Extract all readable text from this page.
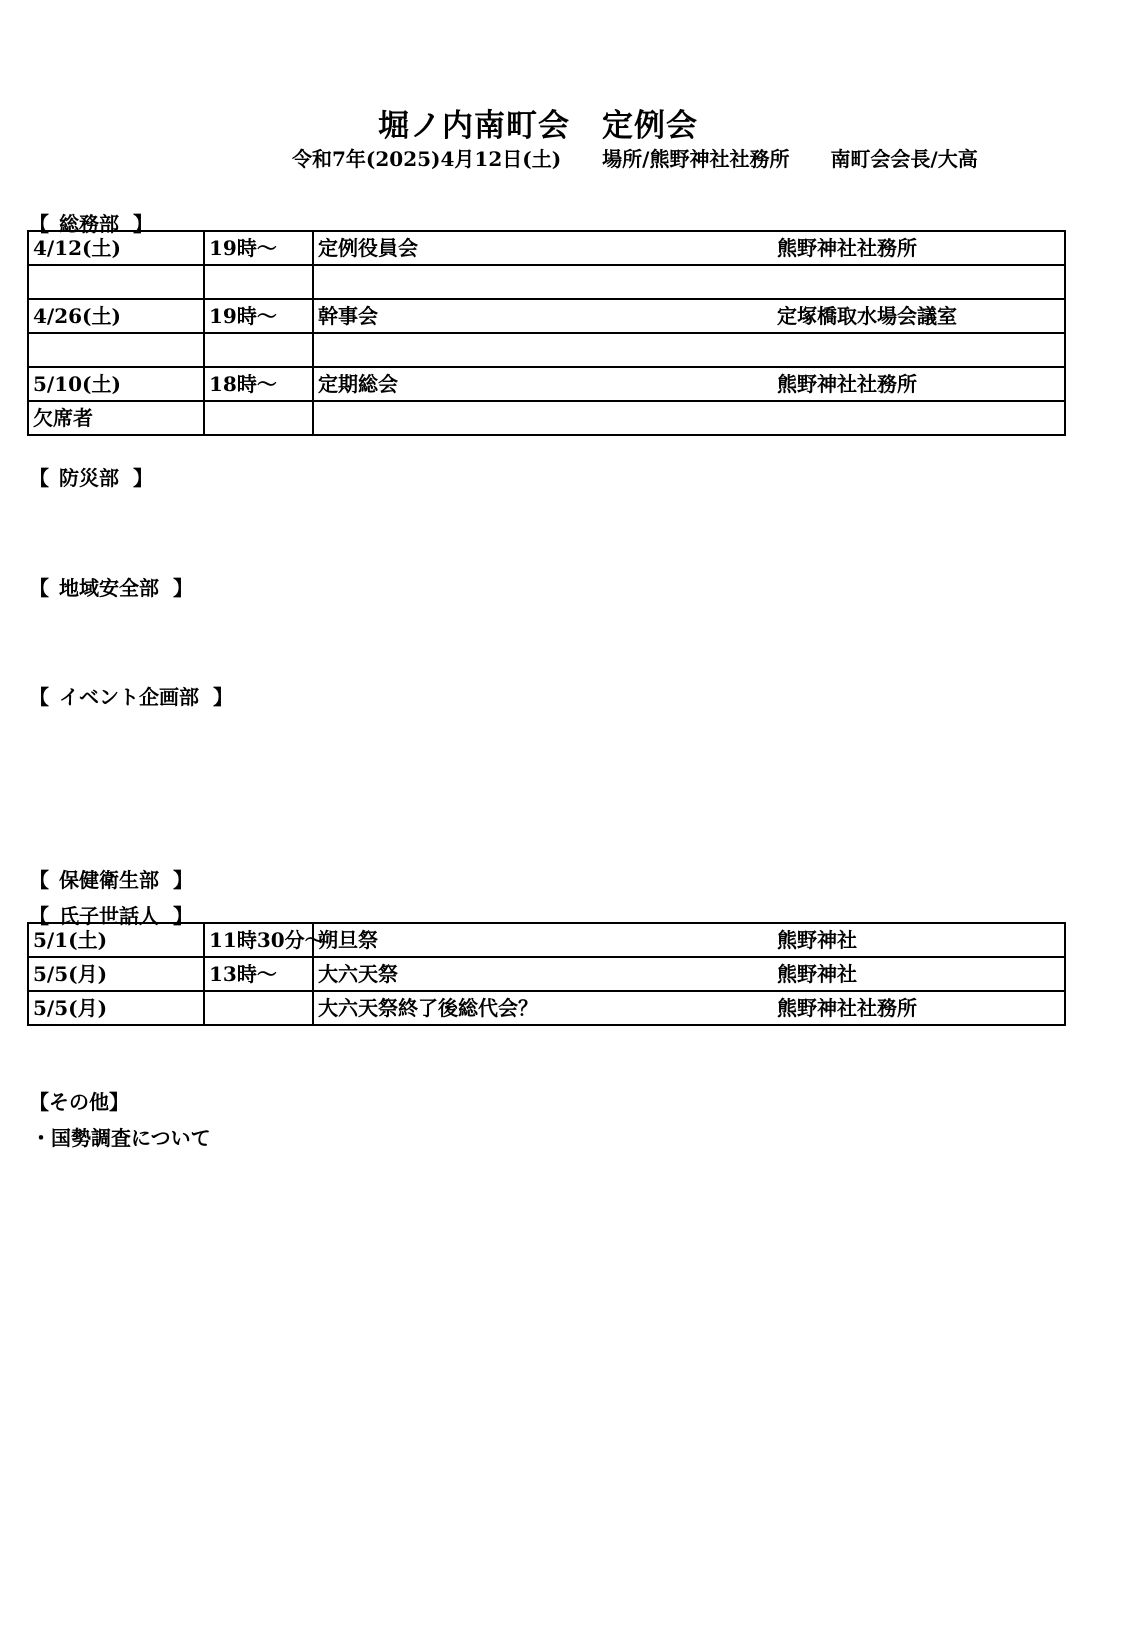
堀ノ内南町会　定例会
令和7年(2025)4月12日(土) 場所/熊野神社社務所 南町会会長/大高
【 総務部 】
4/12(土)	19時～	定例役員会	熊野神社社務所

4/26(土)	19時～	幹事会	定塚橋取水場会議室

5/10(土)	18時～	定期総会	熊野神社社務所
欠席者			
【 防災部 】
【 地域安全部 】
【 イベント企画部 】
【 保健衛生部 】
【 氏子世話人 】
5/1(土)	11時30分～	朔旦祭	熊野神社
5/5(月)	13時～	大六天祭	熊野神社
5/5(月)		大六天祭終了後総代会？	熊野神社社務所
【その他】
・国勢調査について
